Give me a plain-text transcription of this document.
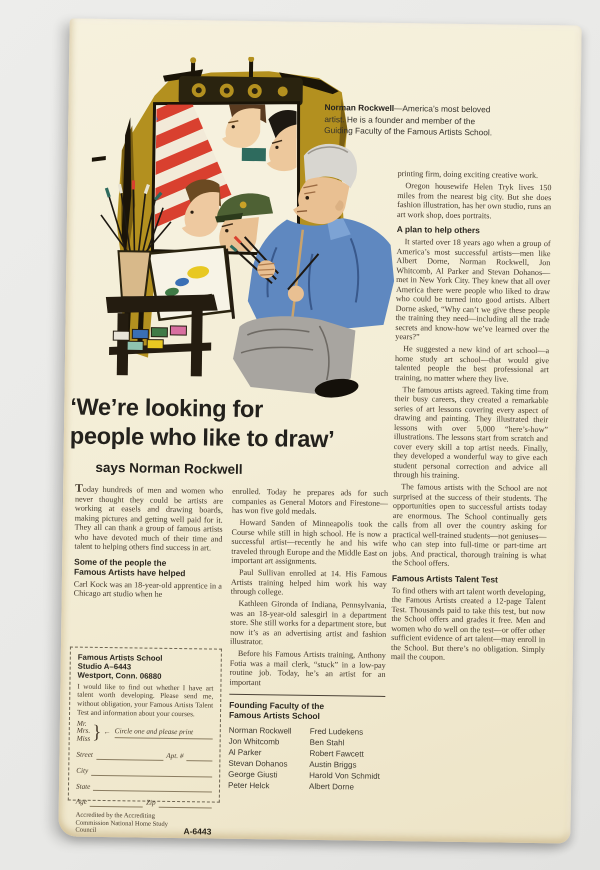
Norman Rockwell—America’s most beloved artist. He is a founder and member of the Guiding Faculty of the Famous Artists School.

printing firm, doing exciting creative work.

Oregon housewife Helen Tryk lives 150 miles from the nearest big city. But she does fashion illustration, has her own studio, runs an art work shop, does portraits.

A plan to help others

It started over 18 years ago when a group of America’s most successful artists—men like Albert Dorne, Norman Rockwell, Jon Whitcomb, Al Parker and Stevan Dohanos—met in New York City. They knew that all over America there were people who liked to draw who could be turned into good artists. Albert Dorne asked, “Why can’t we give these people the training they need—including all the trade secrets and know-how we’ve learned over the years?”

He suggested a new kind of art school—a home study art school—that would give talented people the best professional art training, no matter where they live.

The famous artists agreed. Taking time from their busy careers, they created a remarkable series of art lessons covering every aspect of drawing and painting. They illustrated their lessons with over 5,000 “here’s-how” illustrations. The lessons start from scratch and cover every skill a top artist needs. Finally, they developed a wonderful way to give each student personal correction and advice all through his training.

The famous artists with the School are not surprised at the success of their students. The opportunities open to successful artists today are enormous. The School continually gets calls from all over the country asking for practical well-trained students—not geniuses—who can step into full-time or part-time art jobs. And practical, thorough training is what the School offers.

Famous Artists Talent Test

To find others with art talent worth developing, the Famous Artists created a 12-page Talent Test. Thousands paid to take this test, but now the School offers and grades it free. Men and women who do well on the test—or offer other sufficient evidence of art talent—may enroll in the School. But there’s no obligation. Simply mail the coupon.

‘We’re looking for
people who like to draw’
says Norman Rockwell

Today hundreds of men and women who never thought they could be artists are working at easels and drawing boards, making pictures and getting well paid for it. They all can thank a group of famous artists who have devoted much of their time and talent to helping others find success in art.

Some of the people the Famous Artists have helped

Carl Kock was an 18-year-old apprentice in a Chicago art studio when he

Famous Artists School
Studio A–6443
Westport, Conn. 06880
I would like to find out whether I have art talent worth developing. Please send me, without obligation, your Famous Artists Talent Test and information about your courses.
Mr.
Mrs.
Miss } ← Circle one and please print
Street	Apt. #
City
State
Age	Zip
Accredited by the Accrediting Commission National Home Study Council	A-6443

enrolled. Today he prepares ads for such companies as General Motors and Firestone—has won five gold medals.

Howard Sanden of Minneapolis took the Course while still in high school. He is now a successful artist—recently he and his wife traveled through Europe and the Middle East on important art assignments.

Paul Sullivan enrolled at 14. His Famous Artists training helped him work his way through college.

Kathleen Gironda of Indiana, Pennsylvania, was an 18-year-old salesgirl in a department store. She still works for a department store, but now it’s as an advertising artist and fashion illustrator.

Before his Famous Artists training, Anthony Fotia was a mail clerk, “stuck” in a low-pay routine job. Today, he’s an artist for an important

Founding Faculty of the Famous Artists School
Norman Rockwell
Jon Whitcomb
Al Parker
Stevan Dohanos
George Giusti
Peter Helck
Fred Ludekens
Ben Stahl
Robert Fawcett
Austin Briggs
Harold Von Schmidt
Albert Dorne
